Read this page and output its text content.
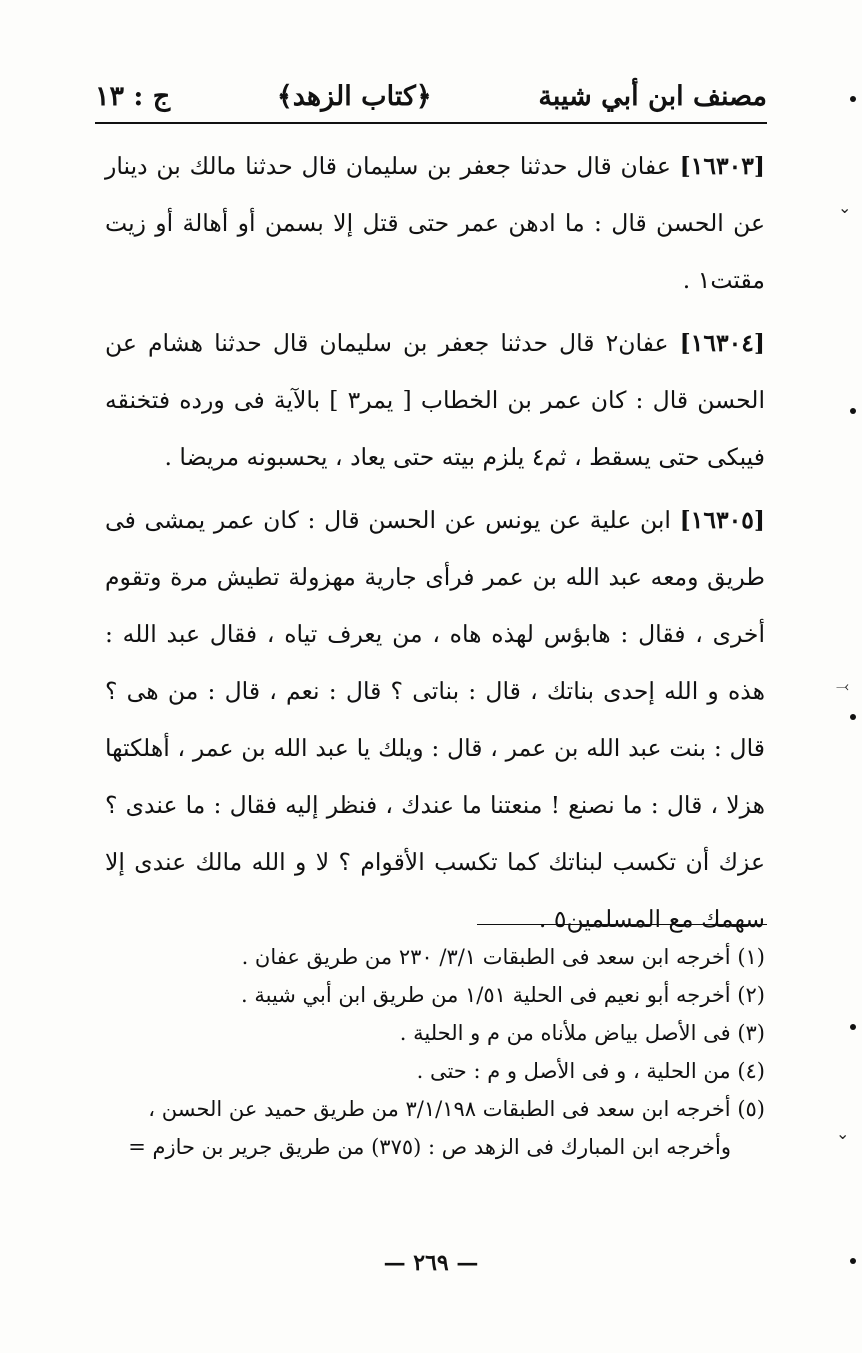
مصنف ابن أبي شيبة
﴿كتاب الزهد﴾
ج : ١٣

[١٦٣٠٣] عفان قال حدثنا جعفر بن سليمان قال حدثنا مالك بن دينار عن الحسن قال : ما ادهن عمر حتى قتل إلا بسمن أو أهالة أو زيت مقتت١ .

[١٦٣٠٤] عفان٢ قال حدثنا جعفر بن سليمان قال حدثنا هشام عن الحسن قال : كان عمر بن الخطاب [ يمر٣ ] بالآية فى ورده فتخنقه فيبكى حتى يسقط ، ثم٤ يلزم بيته حتى يعاد ، يحسبونه مريضا .

[١٦٣٠٥] ابن علية عن يونس عن الحسن قال : كان عمر يمشى فى طريق ومعه عبد الله بن عمر فرأى جارية مهزولة تطيش مرة وتقوم أخرى ، فقال : هابؤس لهذه هاه ، من يعرف تياه ، فقال عبد الله : هذه و الله إحدى بناتك ، قال : بناتى ؟ قال : نعم ، قال : من هى ؟ قال : بنت عبد الله بن عمر ، قال : ويلك يا عبد الله بن عمر ، أهلكتها هزلا ، قال : ما نصنع ! منعتنا ما عندك ، فنظر إليه فقال : ما عندى ؟ عزك أن تكسب لبناتك كما تكسب الأقوام ؟ لا و الله مالك عندى إلا سهمك مع المسلمين٥ .

(١) أخرجه ابن سعد فى الطبقات ٣/١/ ٢٣٠ من طريق عفان .

(٢) أخرجه أبو نعيم فى الحلية ١/٥١ من طريق ابن أبي شيبة .

(٣) فى الأصل بياض ملأناه من م و الحلية .

(٤) من الحلية ، و فى الأصل و م : حتى .

(٥) أخرجه ابن سعد فى الطبقات ٣/١/١٩٨ من طريق حميد عن الحسن ،

وأخرجه ابن المبارك فى الزهد ص : (٣٧٥) من طريق جرير بن حازم =

— ٢٦٩ —
⌄
⤙
⌄
